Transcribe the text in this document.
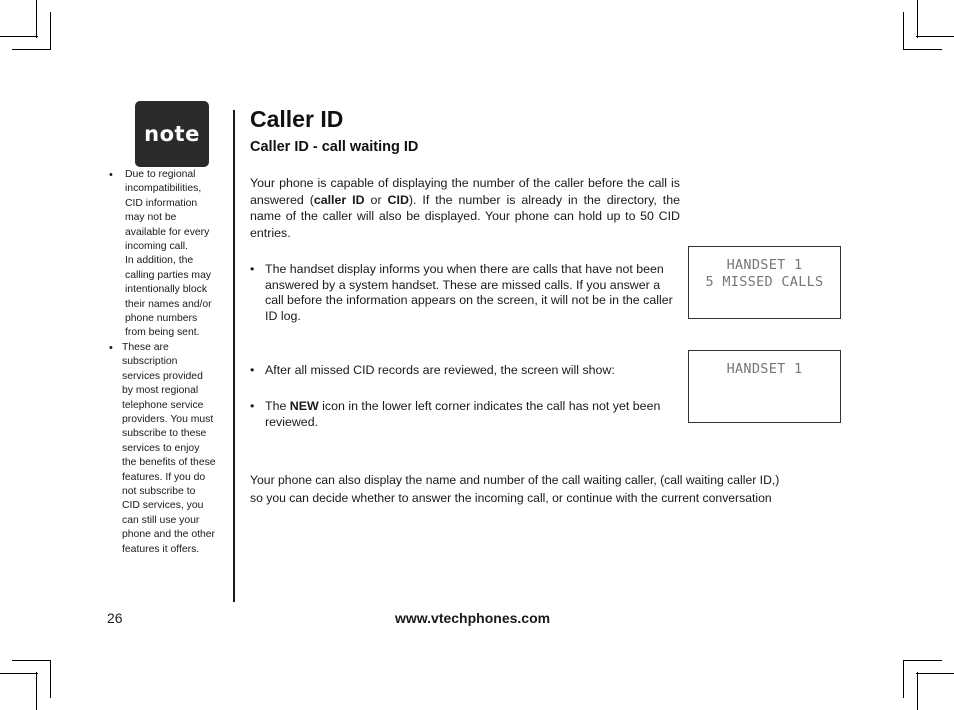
note
•	Due to regional
incompatibilities,
CID information
may not be
available for every
incoming call.
In addition, the
calling parties may
intentionally block
their names and/or
phone numbers
from being sent.
• These are
subscription
services provided
by most regional
telephone service
providers. You must
subscribe to these
services to enjoy
the benefits of these
features. If you do
not subscribe to
CID services, you
can still use your
phone and the other
features it offers.
Caller ID
Caller ID - call waiting ID
Your phone is capable of displaying the number of the caller before the call is answered (caller ID or CID). If the number is already in the directory, the name of the caller will also be displayed. Your phone can hold up to 50 CID entries.
• The handset display informs you when there are calls that have not been answered by a system handset. These are missed calls. If you answer a call before the information appears on the screen, it will not be in the caller ID log.
• After all missed CID records are reviewed, the screen will show:
• The NEW icon in the lower left corner indicates the call has not yet been reviewed.
HANDSET 1
5 MISSED CALLS
HANDSET 1
Your phone can also display the name and number of the call waiting caller, (call waiting caller ID,)
so you can decide whether to answer the incoming call, or continue with the current conversation
26	www.vtechphones.com
